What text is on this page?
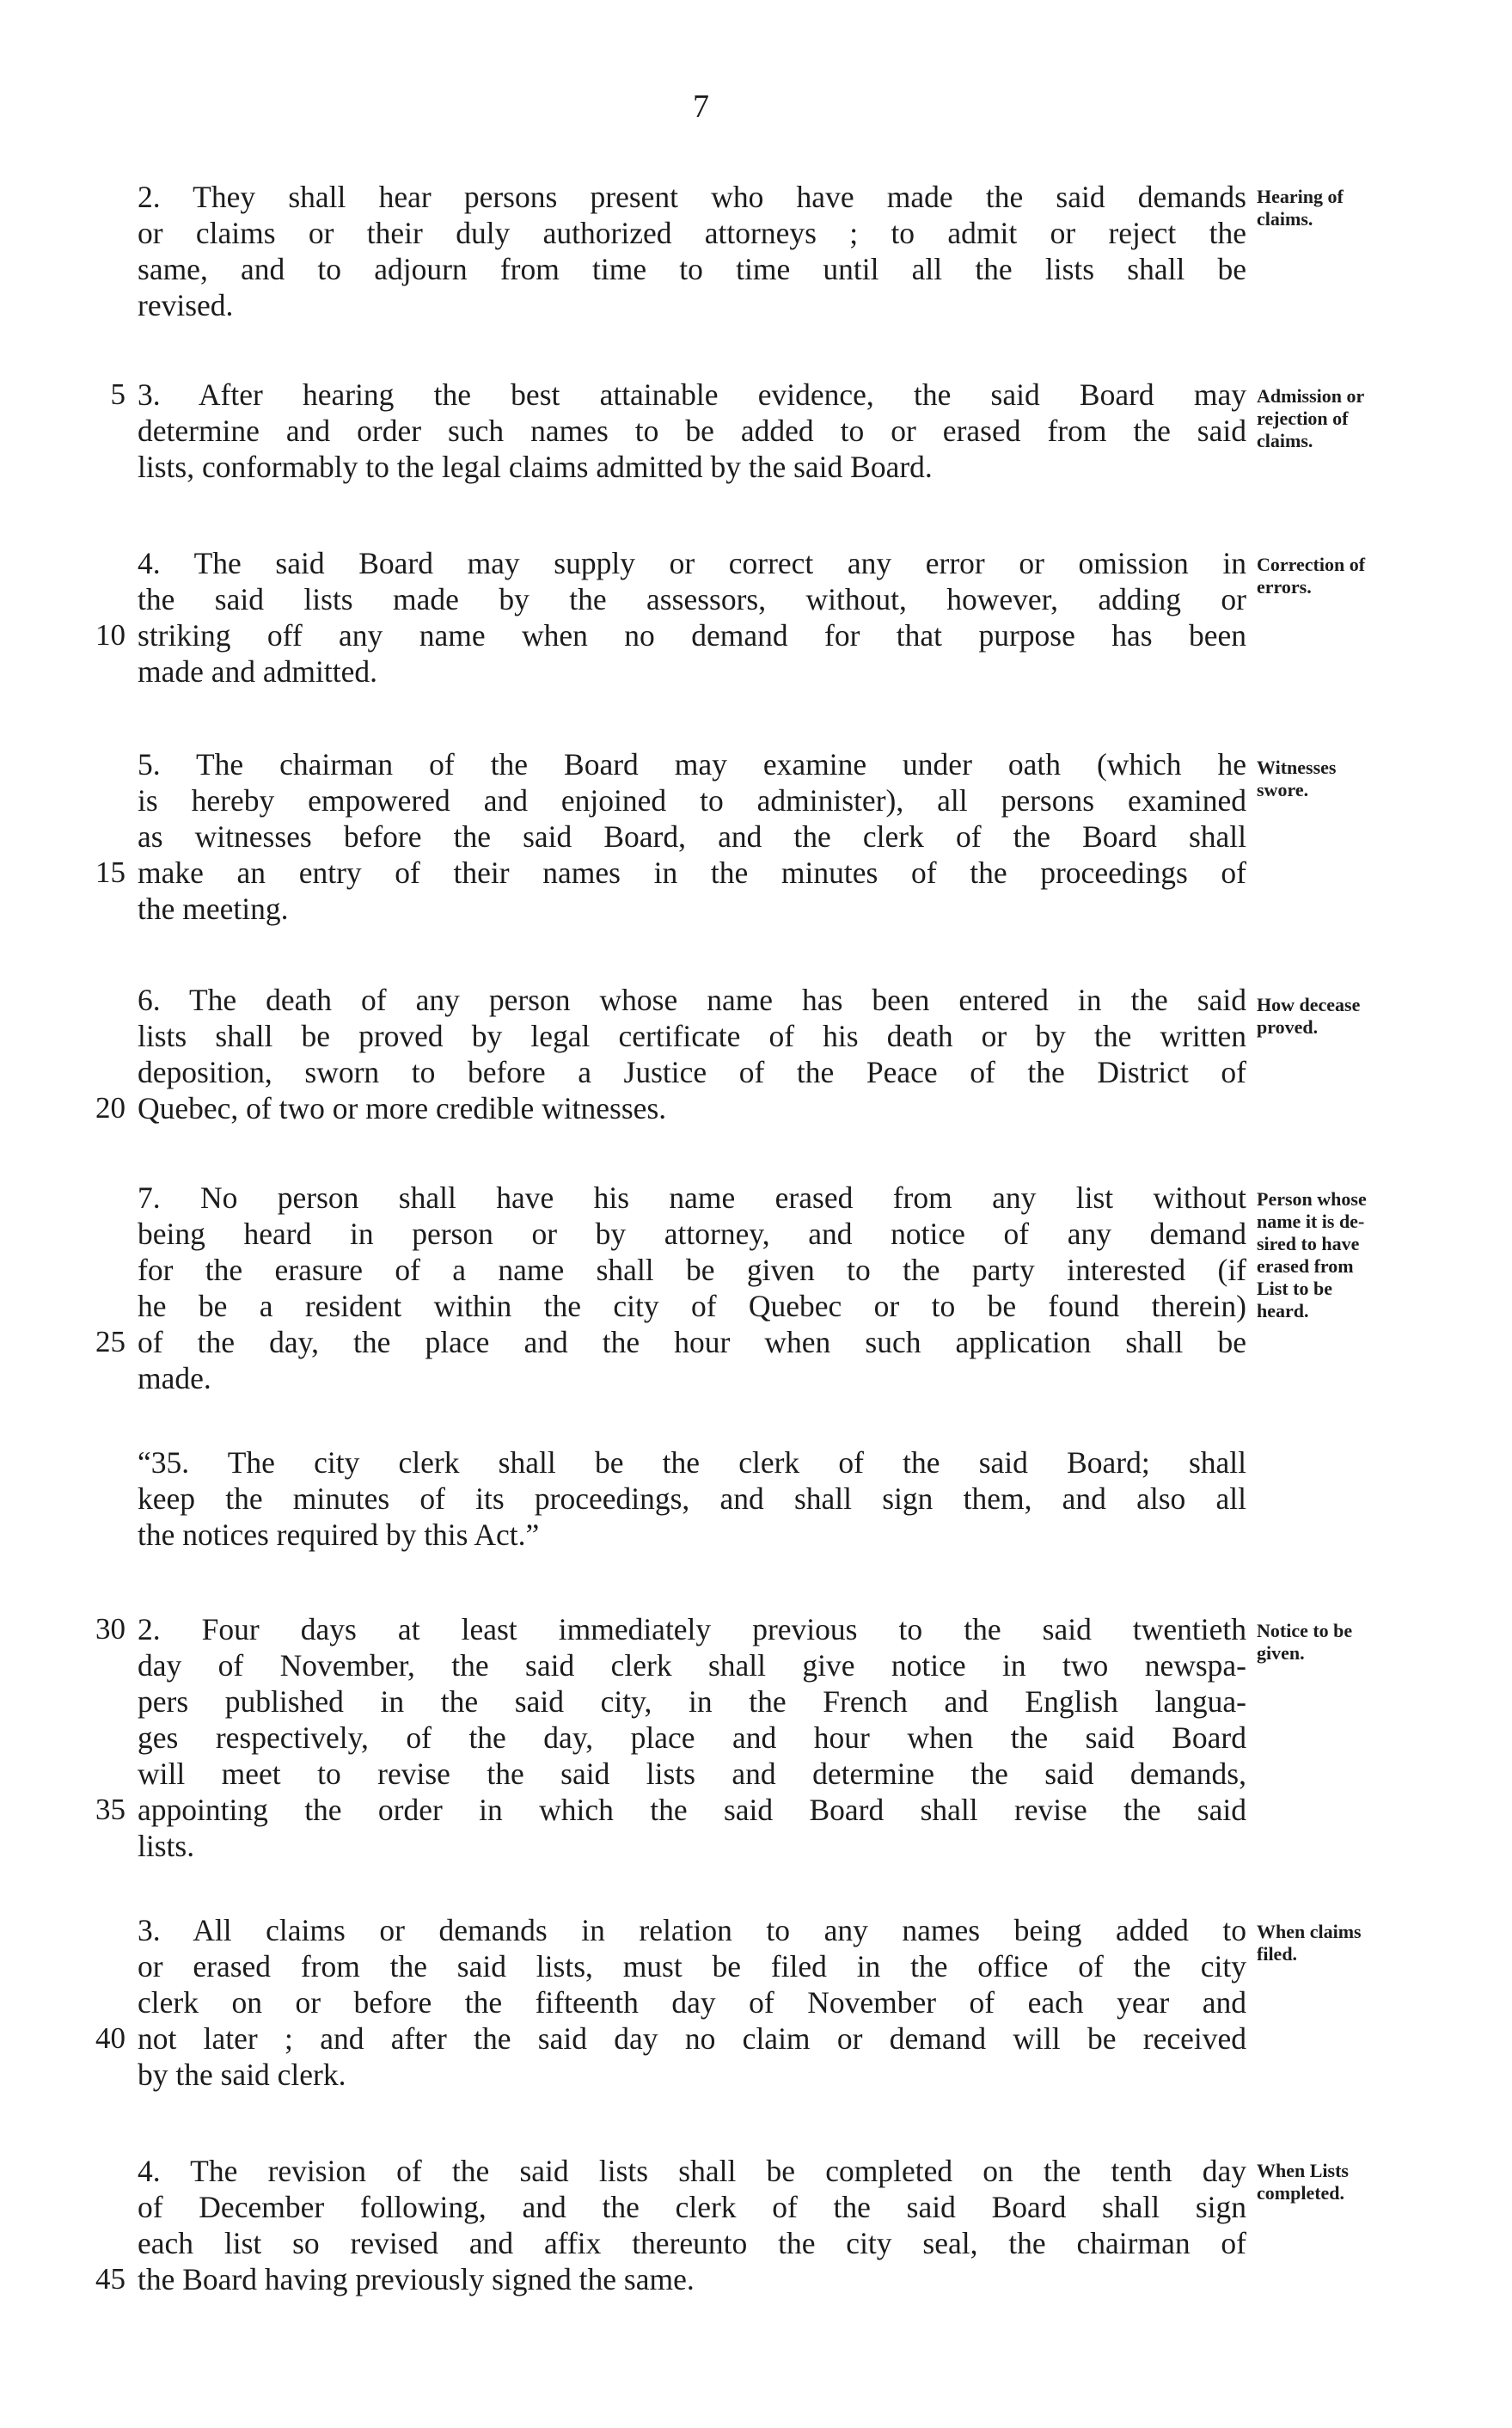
7
2. They shall hear persons present who have made the said demands
or claims or their duly authorized attorneys ; to admit or reject the
same, and to adjourn from time to time until all the lists shall be
revised.
Hearing of
claims.
5 3. After hearing the best attainable evidence, the said Board may
determine and order such names to be added to or erased from the said
lists, conformably to the legal claims admitted by the said Board.
Admission or
rejection of
claims.
4. The said Board may supply or correct any error or omission in
the said lists made by the assessors, without, however, adding or
10 striking off any name when no demand for that purpose has been
made and admitted.
Correction of
errors.
5. The chairman of the Board may examine under oath (which he
is hereby empowered and enjoined to administer), all persons examined
as witnesses before the said Board, and the clerk of the Board shall
15 make an entry of their names in the minutes of the proceedings of
the meeting.
Witnesses
swore.
6. The death of any person whose name has been entered in the said
lists shall be proved by legal certificate of his death or by the written
deposition, sworn to before a Justice of the Peace of the District of
20 Quebec, of two or more credible witnesses.
How decease
proved.
7. No person shall have his name erased from any list without
being heard in person or by attorney, and notice of any demand
for the erasure of a name shall be given to the party interested (if
he be a resident within the city of Quebec or to be found therein)
25 of the day, the place and the hour when such application shall be
made.
Person whose
name it is de-
sired to have
erased from
List to be
heard.
“35. The city clerk shall be the clerk of the said Board; shall
keep the minutes of its proceedings, and shall sign them, and also all
the notices required by this Act.”
30 2. Four days at least immediately previous to the said twentieth
day of November, the said clerk shall give notice in two newspa-
pers published in the said city, in the French and English langua-
ges respectively, of the day, place and hour when the said Board
will meet to revise the said lists and determine the said demands,
35 appointing the order in which the said Board shall revise the said
lists.
Notice to be
given.
3. All claims or demands in relation to any names being added to
or erased from the said lists, must be filed in the office of the city
clerk on or before the fifteenth day of November of each year and
40 not later ; and after the said day no claim or demand will be received
by the said clerk.
When claims
filed.
4. The revision of the said lists shall be completed on the tenth day
of December following, and the clerk of the said Board shall sign
each list so revised and affix thereunto the city seal, the chairman of
45 the Board having previously signed the same.
When Lists
completed.
